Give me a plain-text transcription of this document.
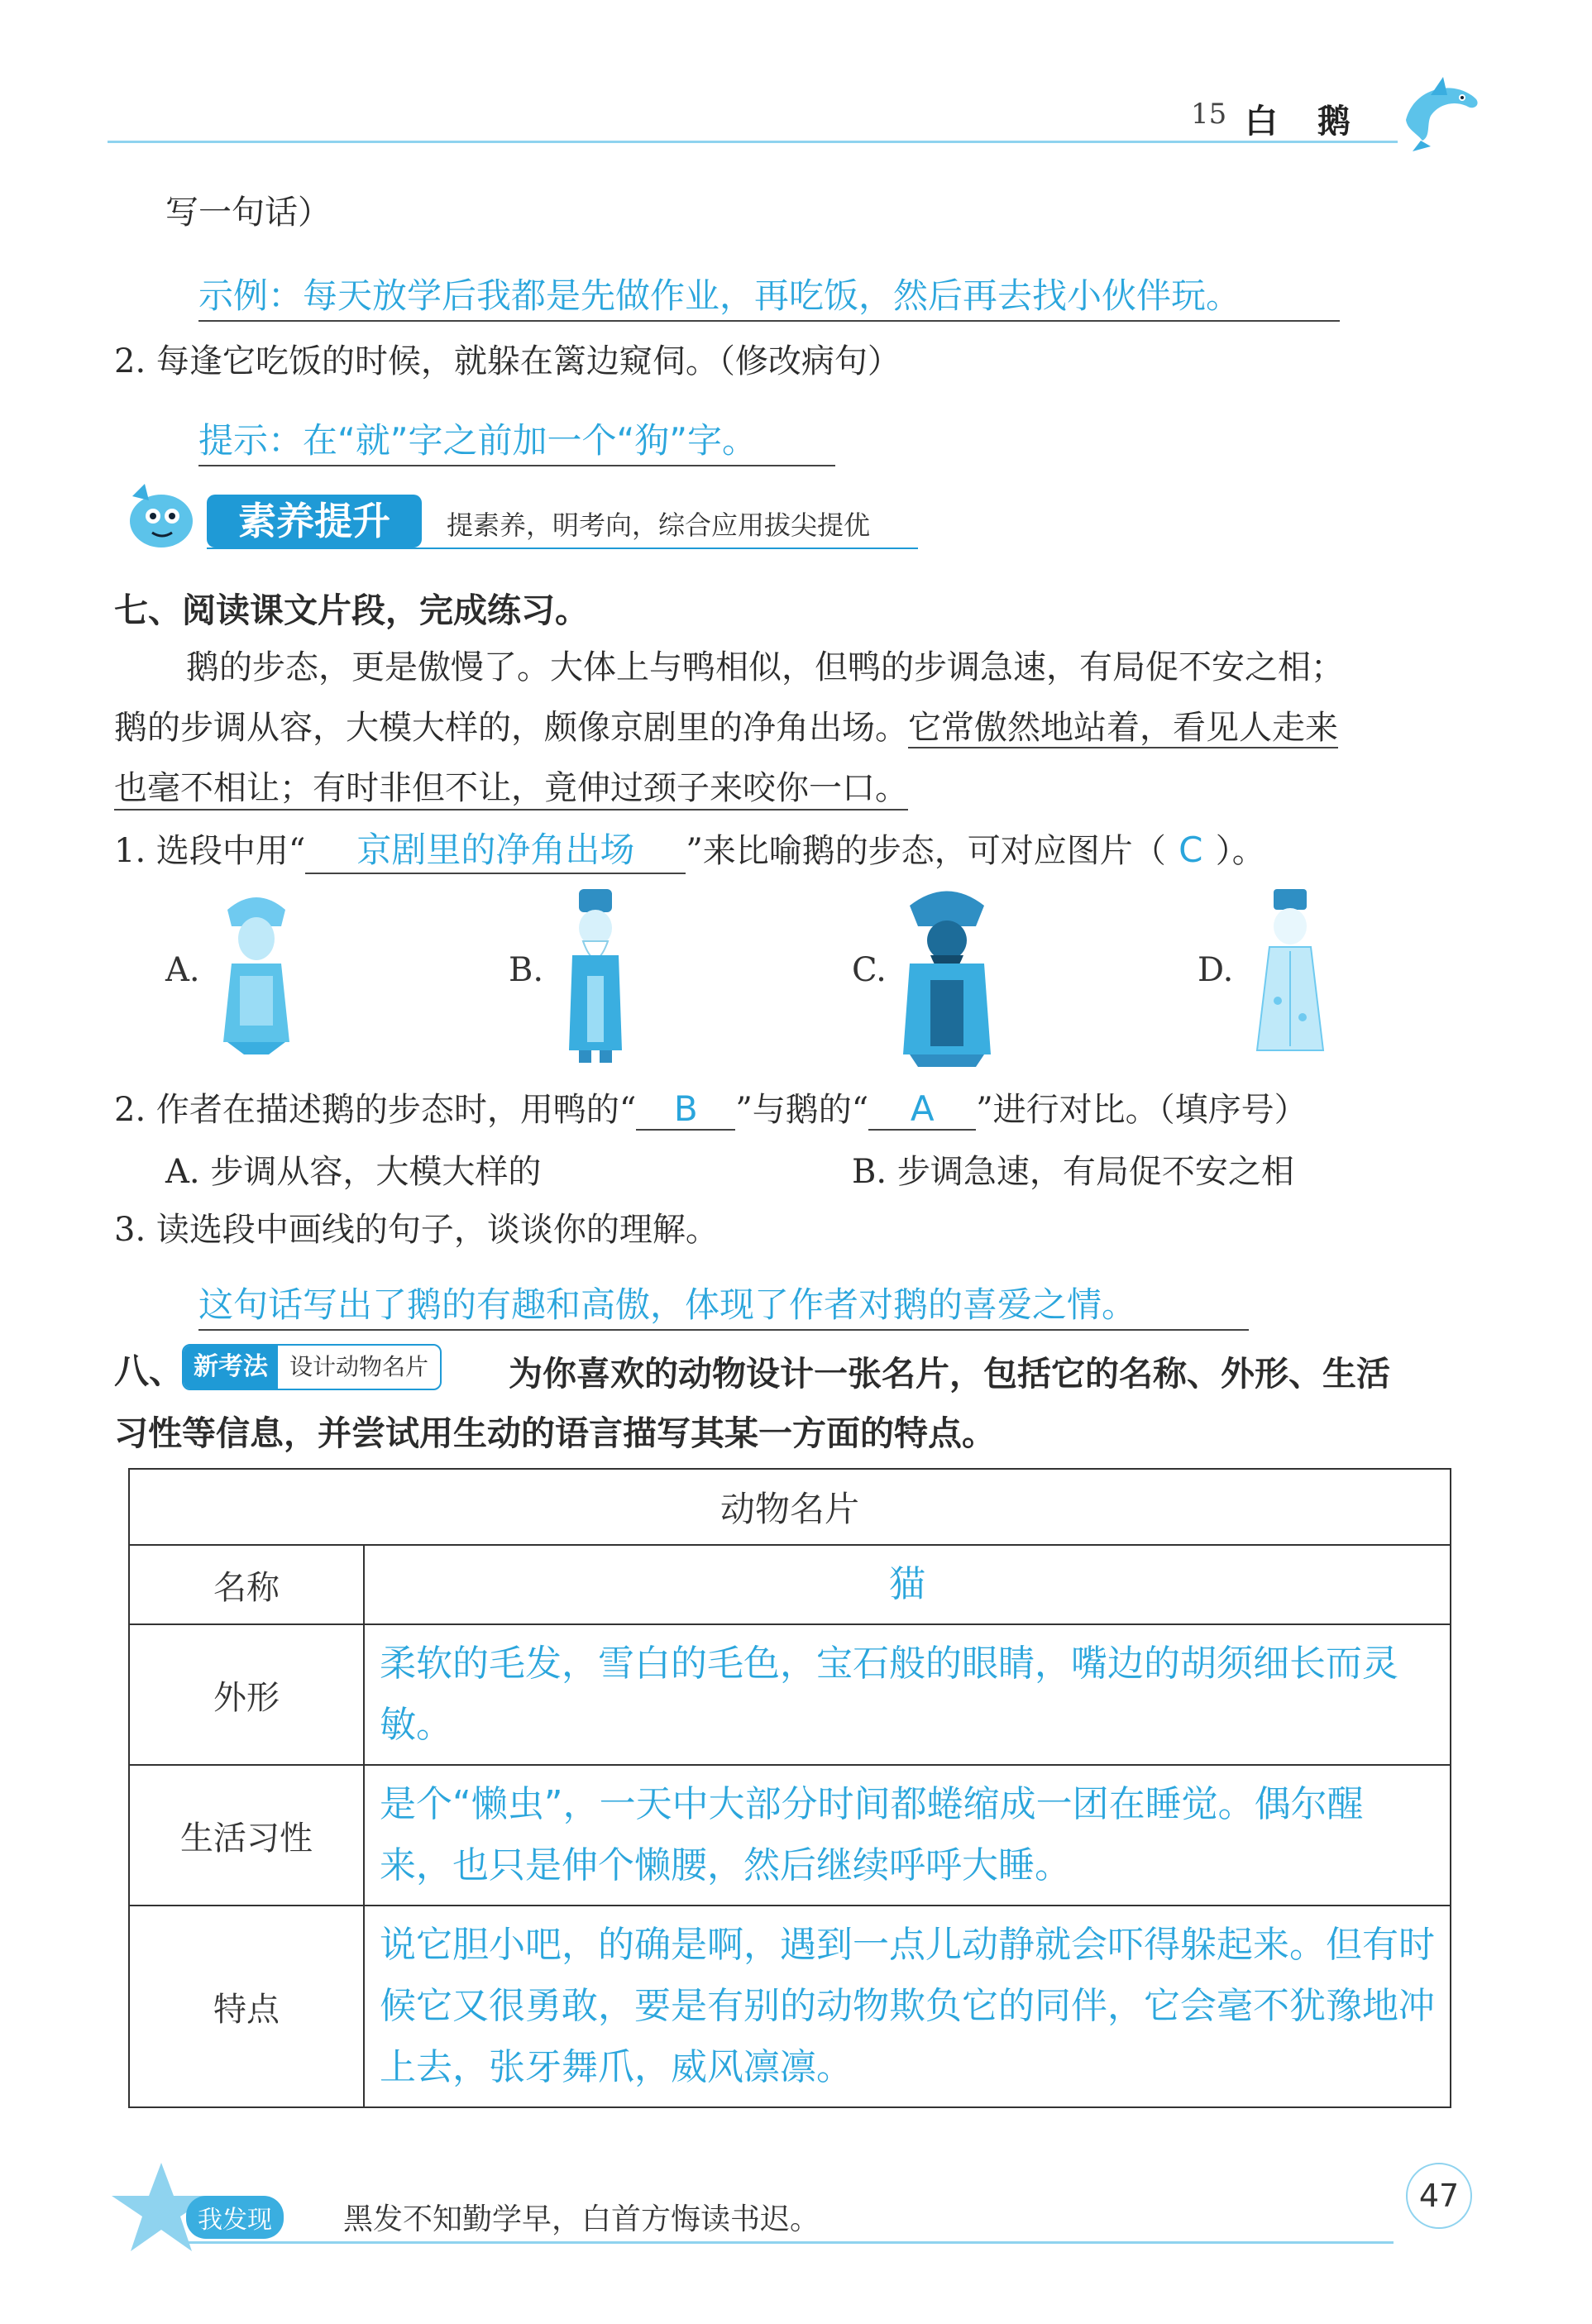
15 白　鹅
写一句话）
示例：每天放学后我都是先做作业，再吃饭，然后再去找小伙伴玩。
2. 每逢它吃饭的时候，就躲在篱边窥伺。（修改病句）
提示：在“就”字之前加一个“狗”字。
素养提升	提素养，明考向，综合应用拔尖提优
七、阅读课文片段，完成练习。
鹅的步态，更是傲慢了。大体上与鸭相似，但鸭的步调急速，有局促不安之相；
鹅的步调从容，大模大样的，颇像京剧里的净角出场。它常傲然地站着，看见人走来
也毫不相让；有时非但不让，竟伸过颈子来咬你一口。
1. 选段中用“ 京剧里的净角出场 ”来比喻鹅的步态，可对应图片（ C ）。
A.	B.	C.	D.
2. 作者在描述鹅的步态时，用鸭的“ B ”与鹅的“ A ”进行对比。（填序号）
A. 步调从容，大模大样的	B. 步调急速，有局促不安之相
3. 读选段中画线的句子，谈谈你的理解。
这句话写出了鹅的有趣和高傲，体现了作者对鹅的喜爱之情。
八、 新考法 设计动物名片	为你喜欢的动物设计一张名片，包括它的名称、外形、生活
习性等信息，并尝试用生动的语言描写其某一方面的特点。
动物名片	
名称	猫
外形	柔软的毛发，雪白的毛色，宝石般的眼睛，嘴边的胡须细长而灵敏。
生活习性	是个“懒虫”，一天中大部分时间都蜷缩成一团在睡觉。偶尔醒来，也只是伸个懒腰，然后继续呼呼大睡。
特点	说它胆小吧，的确是啊，遇到一点儿动静就会吓得躲起来。但有时候它又很勇敢，要是有别的动物欺负它的同伴，它会毫不犹豫地冲上去，张牙舞爪，威风凛凛。
我发现	黑发不知勤学早，白首方悔读书迟。
47
